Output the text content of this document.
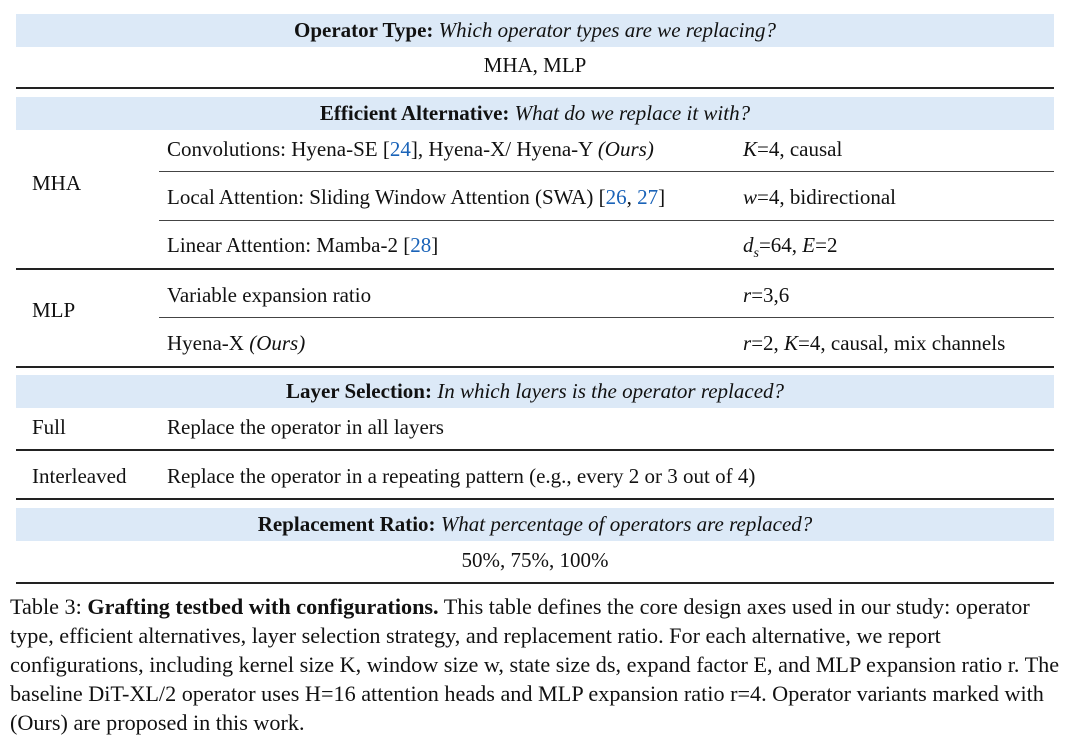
Operator Type: Which operator types are we replacing?
MHA, MLP
Efficient Alternative: What do we replace it with?
MHA
Convolutions: Hyena-SE [24], Hyena-X/ Hyena-Y (Ours)	K=4, causal
Local Attention: Sliding Window Attention (SWA) [26, 27]	w=4, bidirectional
Linear Attention: Mamba-2 [28]	$d_s=64$, E=2
MLP
Variable expansion ratio	r=3,6
Hyena-X (Ours)	r=2, K=4, causal, mix channels
Layer Selection: In which layers is the operator replaced?
Full	Replace the operator in all layers
Interleaved Replace the operator in a repeating pattern (e.g., every 2 or 3 out of 4)
Replacement Ratio: What percentage of operators are replaced?
50%, 75%, 100%
Table 3: Grafting testbed with configurations. This table defines the core design axes used in our study: operator type, efficient alternatives, layer selection strategy, and replacement ratio. For each alternative, we report configurations, including kernel size K, window size w, state size ds, expand factor E, and MLP expansion ratio r. The baseline DiT-XL/2 operator uses H=16 attention heads and MLP expansion ratio r=4. Operator variants marked with (Ours) are proposed in this work.
